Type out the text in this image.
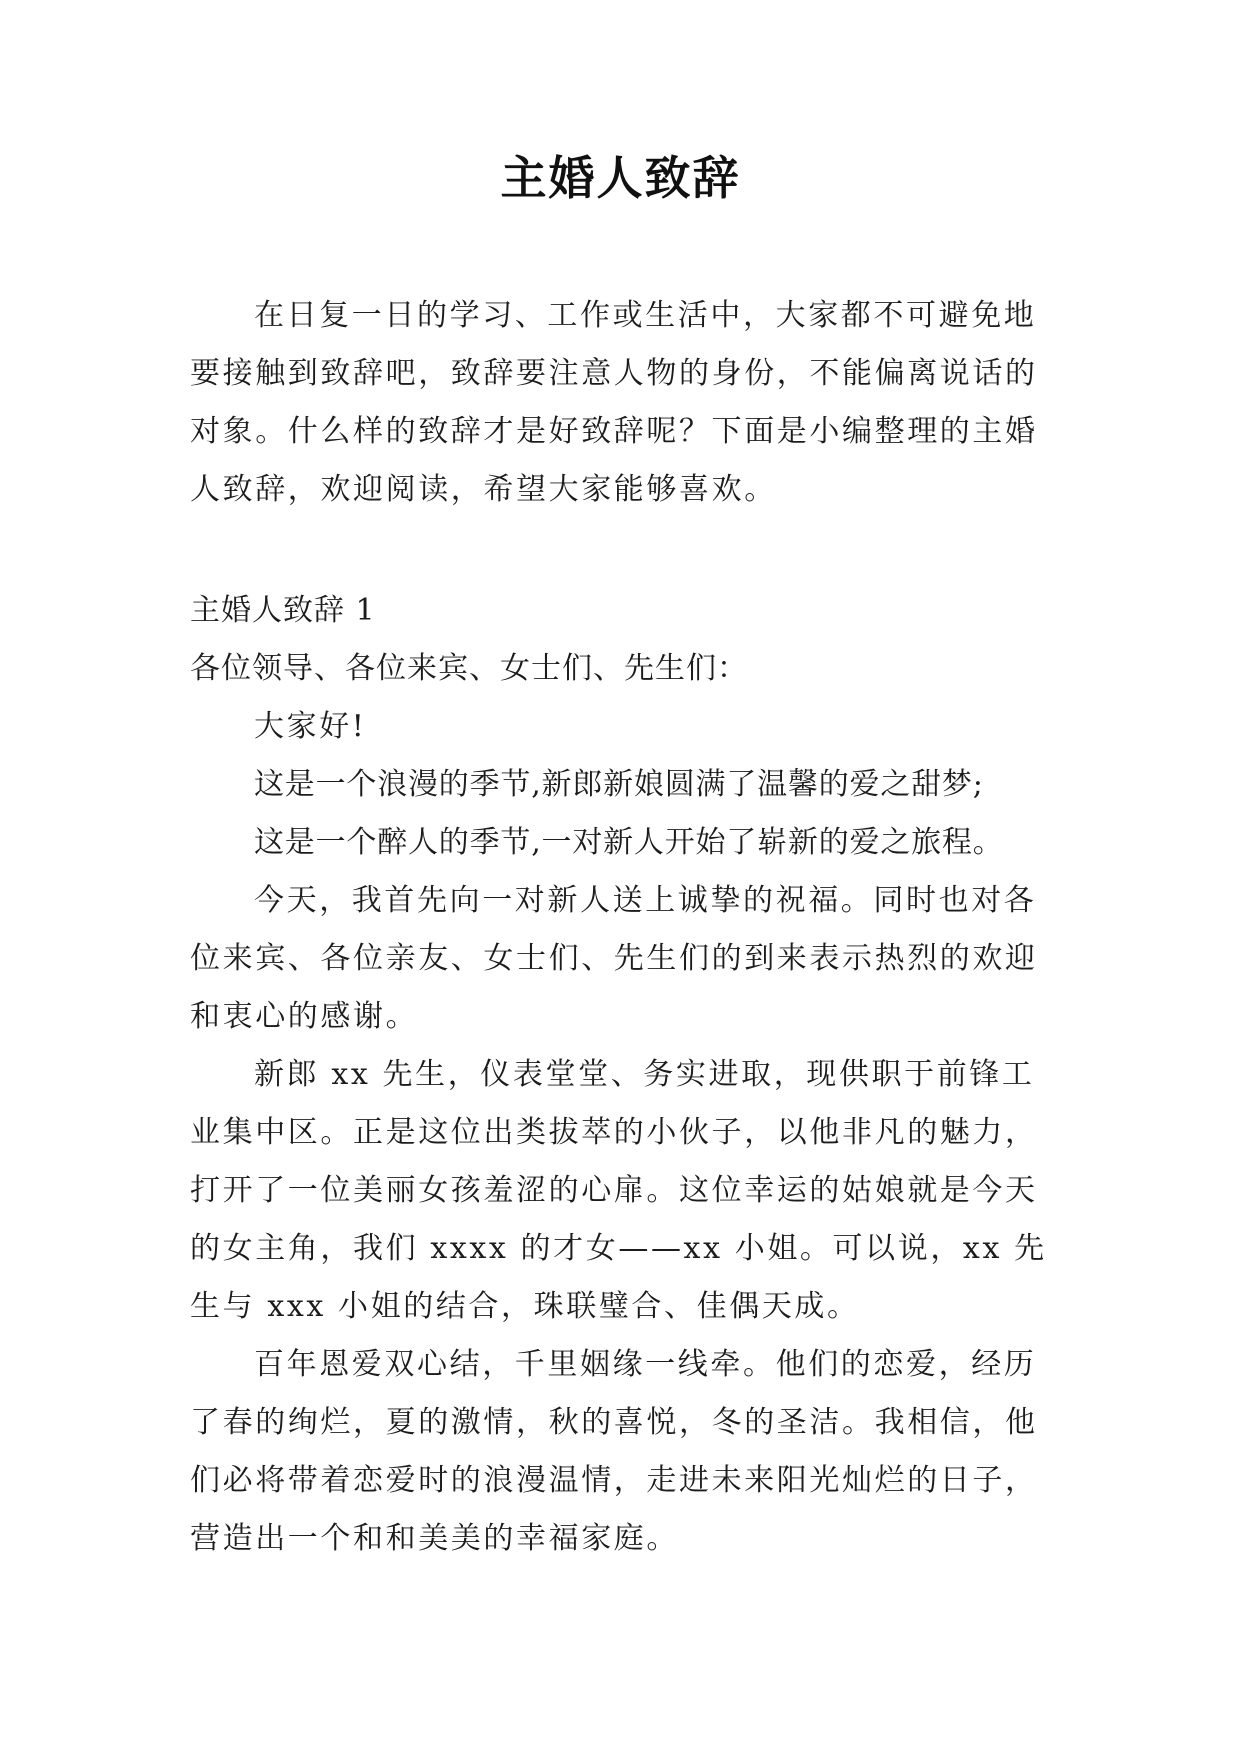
主婚人致辞

在日复一日的学习、工作或生活中，大家都不可避免地要接触到致辞吧，致辞要注意人物的身份，不能偏离说话的对象。什么样的致辞才是好致辞呢？下面是小编整理的主婚人致辞，欢迎阅读，希望大家能够喜欢。

主婚人致辞 1
各位领导、各位来宾、女士们、先生们：

大家好!

这是一个浪漫的季节,新郎新娘圆满了温馨的爱之甜梦;

这是一个醉人的季节,一对新人开始了崭新的爱之旅程。

今天，我首先向一对新人送上诚挚的祝福。同时也对各位来宾、各位亲友、女士们、先生们的到来表示热烈的欢迎和衷心的感谢。

新郎 xx 先生，仪表堂堂、务实进取，现供职于前锋工业集中区。正是这位出类拔萃的小伙子，以他非凡的魅力，打开了一位美丽女孩羞涩的心扉。这位幸运的姑娘就是今天的女主角，我们 xxxx 的才女——xx 小姐。可以说，xx 先生与 xxx 小姐的结合，珠联璧合、佳偶天成。

百年恩爱双心结，千里姻缘一线牵。他们的恋爱，经历了春的绚烂，夏的激情，秋的喜悦，冬的圣洁。我相信，他们必将带着恋爱时的浪漫温情，走进未来阳光灿烂的日子，营造出一个和和美美的幸福家庭。
